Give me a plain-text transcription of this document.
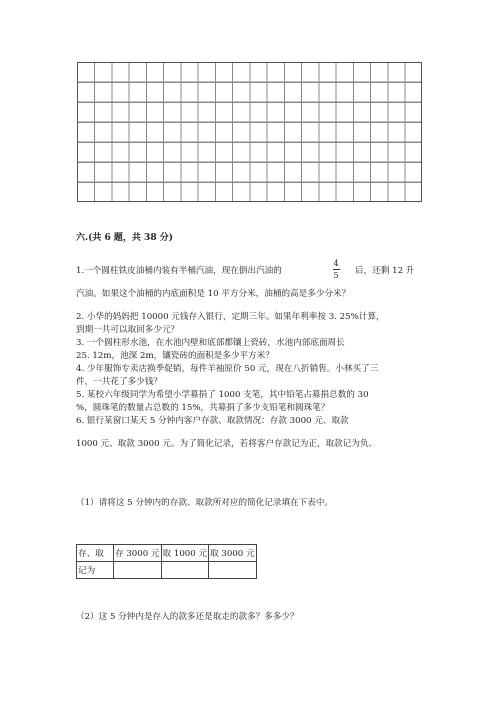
六.(共 6 题，共 38 分)
1.一个圆柱铁皮油桶内装有半桶汽油，现在倒出汽油的
4
5	后，还剩 12 升
汽油。如果这个油桶的内底面积是 10 平方分米，油桶的高是多少分米？
2. 小华的妈妈把 10000 元钱存入银行，定期三年。如果年利率按 3. 25%计算，
到期一共可以取回多少元？
3. 一个圆柱形水池，在水池内壁和底部都镶上瓷砖，水池内部底面周长
25. 12m，池深 2m，镶瓷砖的面积是多少平方米？
4. 少年服饰专卖店换季促销，每件羊袖原价 50 元，现在八折销售。小林买了三
件，一共花了多少钱？
5. 某校六年级同学为希望小学募捐了 1000 支笔，其中铅笔占募捐总数的 30
%，圆珠笔的数量占总数的 15%，共募捐了多少支铅笔和圆珠笔？
6. 银行某窗口某天 5 分钟内客户存款、取款情况：存款 3000 元、取款
1000 元、取款 3000 元。为了简化记录，若将客户存款记为正，取款记为负。
（1）请将这 5 分钟内的存款、取款所对应的简化记录填在下表中。
存、取	存 3000 元	取 1000 元	取 3000 元
记为			
（2）这 5 分钟内是存入的款多还是取走的款多？多多少？
